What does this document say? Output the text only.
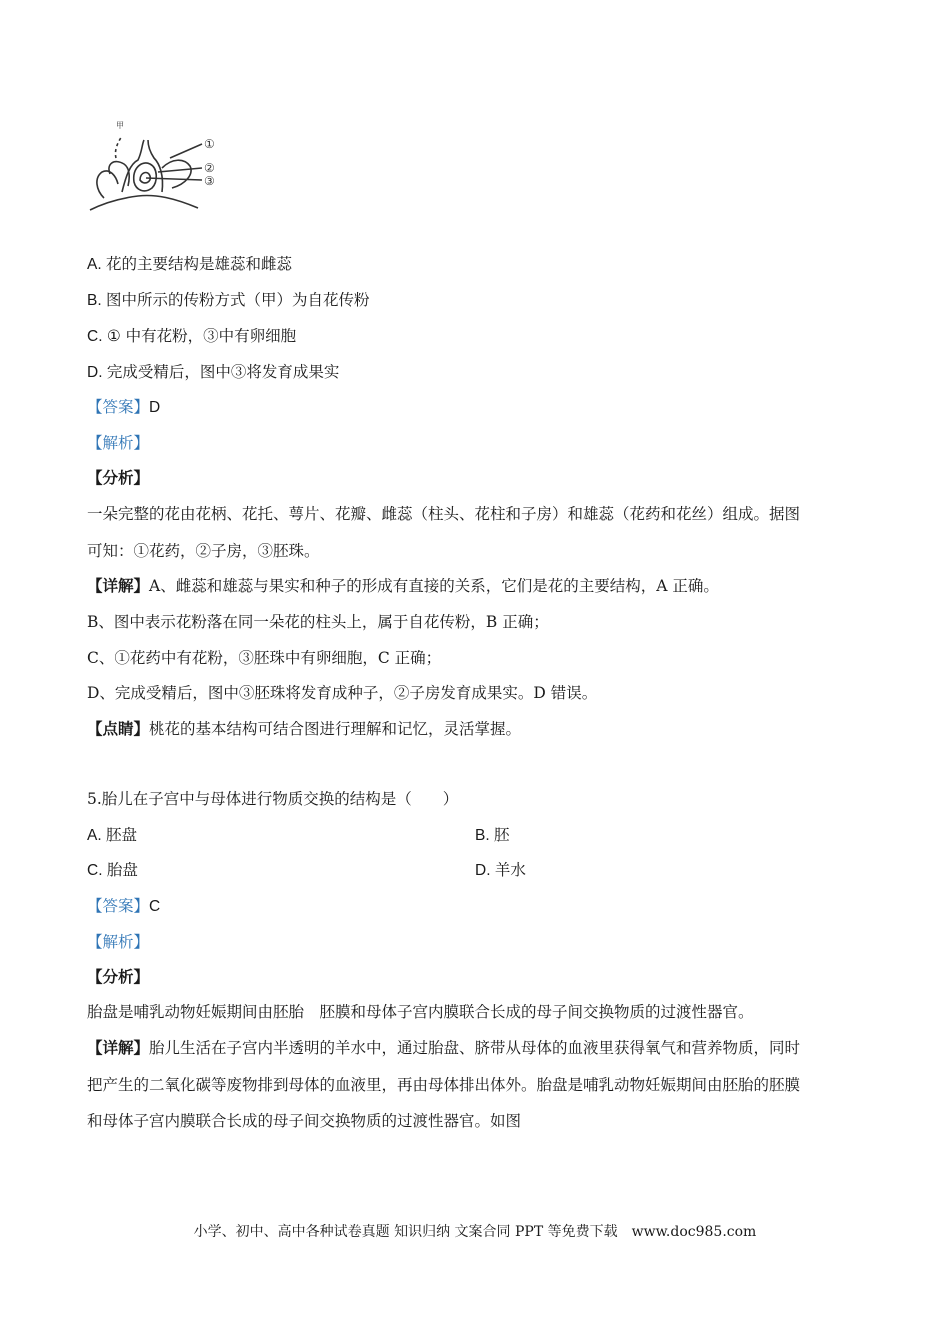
甲
①
②
③
A. 花的主要结构是雄蕊和雌蕊
B. 图中所示的传粉方式（甲）为自花传粉
C. ① 中有花粉，③中有卵细胞
D. 完成受精后，图中③将发育成果实
【答案】D
【解析】
【分析】
一朵完整的花由花柄、花托、萼片、花瓣、雌蕊（柱头、花柱和子房）和雄蕊（花药和花丝）组成。据图
可知：①花药，②子房，③胚珠。
【详解】A、雌蕊和雄蕊与果实和种子的形成有直接的关系，它们是花的主要结构，A 正确。
B、图中表示花粉落在同一朵花的柱头上，属于自花传粉，B 正确；
C、①花药中有花粉，③胚珠中有卵细胞，C 正确；
D、完成受精后，图中③胚珠将发育成种子，②子房发育成果实。D 错误。
【点睛】桃花的基本结构可结合图进行理解和记忆，灵活掌握。
5.胎儿在子宫中与母体进行物质交换的结构是（　　）
A. 胚盘	B. 胚
C. 胎盘	D. 羊水
【答案】C
【解析】
【分析】
胎盘是哺乳动物妊娠期间由胚胎　胚膜和母体子宫内膜联合长成的母子间交换物质的过渡性器官。
【详解】胎儿生活在子宫内半透明的羊水中，通过胎盘、脐带从母体的血液里获得氧气和营养物质，同时
把产生的二氧化碳等废物排到母体的血液里，再由母体排出体外。胎盘是哺乳动物妊娠期间由胚胎的胚膜
和母体子宫内膜联合长成的母子间交换物质的过渡性器官。如图
小学、初中、高中各种试卷真题 知识归纳 文案合同 PPT 等免费下载　www.doc985.com
